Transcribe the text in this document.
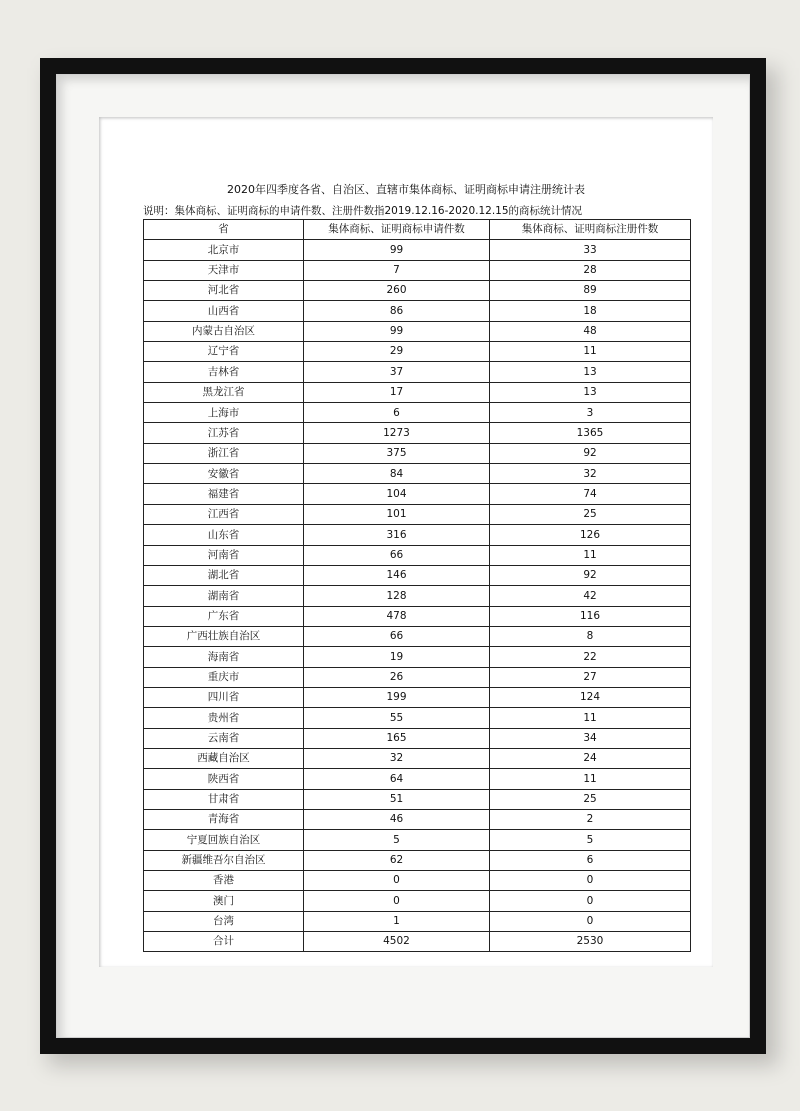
2020年四季度各省、自治区、直辖市集体商标、证明商标申请注册统计表
说明：集体商标、证明商标的申请件数、注册件数指2019.12.16-2020.12.15的商标统计情况
省	集体商标、证明商标申请件数	集体商标、证明商标注册件数
北京市	99	33
天津市	7	28
河北省	260	89
山西省	86	18
内蒙古自治区	99	48
辽宁省	29	11
吉林省	37	13
黑龙江省	17	13
上海市	6	3
江苏省	1273	1365
浙江省	375	92
安徽省	84	32
福建省	104	74
江西省	101	25
山东省	316	126
河南省	66	11
湖北省	146	92
湖南省	128	42
广东省	478	116
广西壮族自治区	66	8
海南省	19	22
重庆市	26	27
四川省	199	124
贵州省	55	11
云南省	165	34
西藏自治区	32	24
陕西省	64	11
甘肃省	51	25
青海省	46	2
宁夏回族自治区	5	5
新疆维吾尔自治区	62	6
香港	0	0
澳门	0	0
台湾	1	0
合计	4502	2530
